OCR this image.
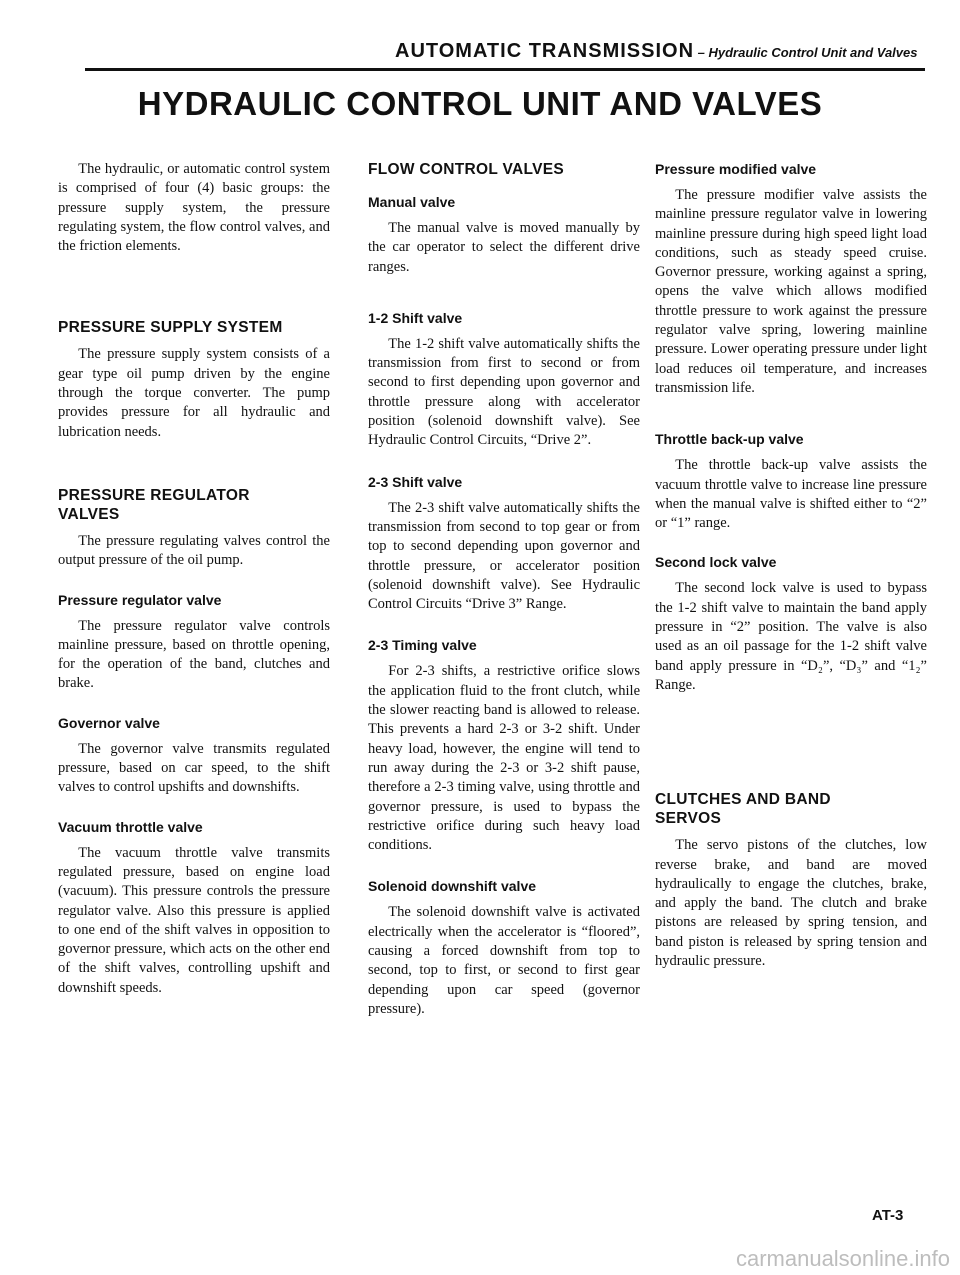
AUTOMATIC TRANSMISSION – Hydraulic Control Unit and Valves
HYDRAULIC CONTROL UNIT AND VALVES

The hydraulic, or automatic control system is comprised of four (4) basic groups: the pressure supply system, the pressure regulating system, the flow control valves, and the friction elements.

PRESSURE SUPPLY SYSTEM

The pressure supply system consists of a gear type oil pump driven by the engine through the torque converter. The pump provides pressure for all hydraulic and lubrication needs.

PRESSURE REGULATOR
VALVES

The pressure regulating valves control the output pressure of the oil pump.

Pressure regulator valve

The pressure regulator valve controls mainline pressure, based on throttle opening, for the operation of the band, clutches and brake.

Governor valve

The governor valve transmits regulated pressure, based on car speed, to the shift valves to control upshifts and downshifts.

Vacuum throttle valve

The vacuum throttle valve transmits regulated pressure, based on engine load (vacuum). This pressure controls the pressure regulator valve. Also this pressure is applied to one end of the shift valves in opposition to governor pressure, which acts on the other end of the shift valves, controlling upshift and downshift speeds.

FLOW CONTROL VALVES
Manual valve

The manual valve is moved manually by the car operator to select the different drive ranges.

1-2 Shift valve

The 1-2 shift valve automatically shifts the transmission from first to second or from second to first depending upon governor and throttle pressure along with accelerator position (solenoid downshift valve). See Hydraulic Control Circuits, “Drive 2”.

2-3 Shift valve

The 2-3 shift valve automatically shifts the transmission from second to top gear or from top to second depending upon governor and throttle pressure, or accelerator position (solenoid downshift valve). See Hydraulic Control Circuits “Drive 3” Range.

2-3 Timing valve

For 2-3 shifts, a restrictive orifice slows the application fluid to the front clutch, while the slower reacting band is allowed to release. This prevents a hard 2-3 or 3-2 shift. Under heavy load, however, the engine will tend to run away during the 2-3 or 3-2 shift pause, therefore a 2-3 timing valve, using throttle and governor pressure, is used to bypass the restrictive orifice during such heavy load conditions.

Solenoid downshift valve

The solenoid downshift valve is activated electrically when the accelerator is “floored”, causing a forced downshift from top to second, top to first, or second to first gear depending upon car speed (governor pressure).

Pressure modified valve

The pressure modifier valve assists the mainline pressure regulator valve in lowering mainline pressure during high speed light load conditions, such as steady speed cruise. Governor pressure, working against a spring, opens the valve which allows modified throttle pressure to work against the pressure regulator valve spring, lowering mainline pressure. Lower operating pressure under light load reduces oil temperature, and increases transmission life.

Throttle back-up valve

The throttle back-up valve assists the vacuum throttle valve to increase line pressure when the manual valve is shifted either to “2” or “1” range.

Second lock valve

The second lock valve is used to bypass the 1-2 shift valve to maintain the band apply pressure in “2” position. The valve is also used as an oil passage for the 1-2 shift valve band apply pressure in “D₂”, “D₃” and “1₂” Range.

CLUTCHES AND BAND
SERVOS

The servo pistons of the clutches, low reverse brake, and band are moved hydraulically to engage the clutches, brake, and apply the band. The clutch and brake pistons are released by spring tension, and band piston is released by spring tension and hydraulic pressure.

AT-3
carmanualsonline.info
